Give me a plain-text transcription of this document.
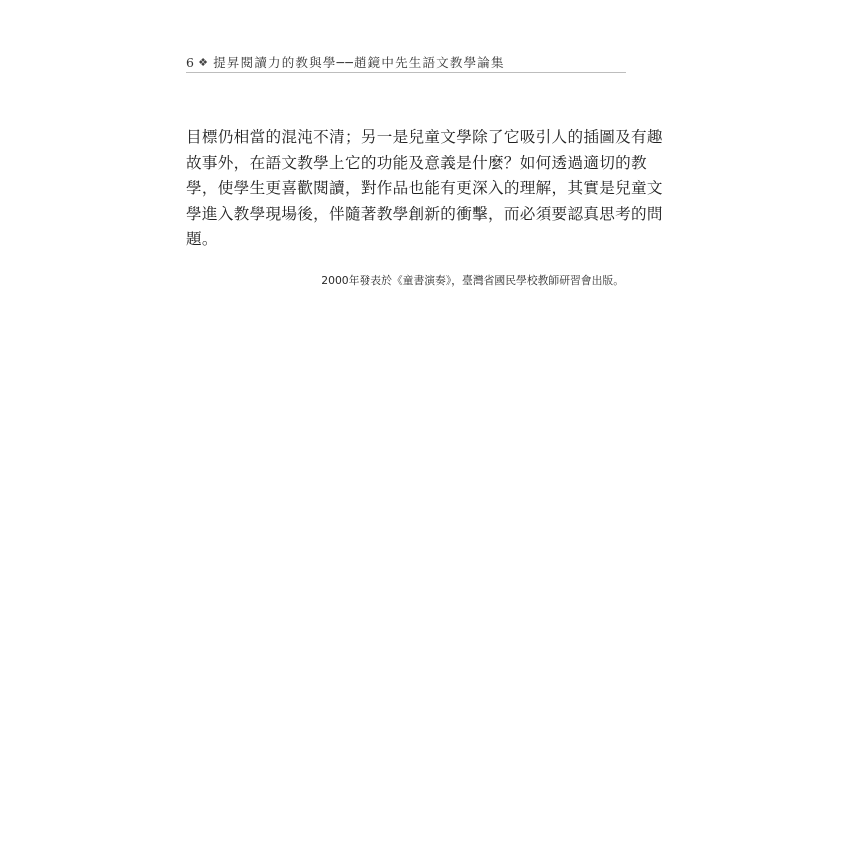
6 ❖ 提昇閱讀力的教與學──趙鏡中先生語文教學論集

目標仍相當的混沌不清；另一是兒童文學除了它吸引人的插圖及有趣
故事外，在語文教學上它的功能及意義是什麼？如何透過適切的教
學，使學生更喜歡閱讀，對作品也能有更深入的理解，其實是兒童文
學進入教學現場後，伴隨著教學創新的衝擊，而必須要認真思考的問
題。

2000年發表於《童書演奏》，臺灣省國民學校教師研習會出版。
